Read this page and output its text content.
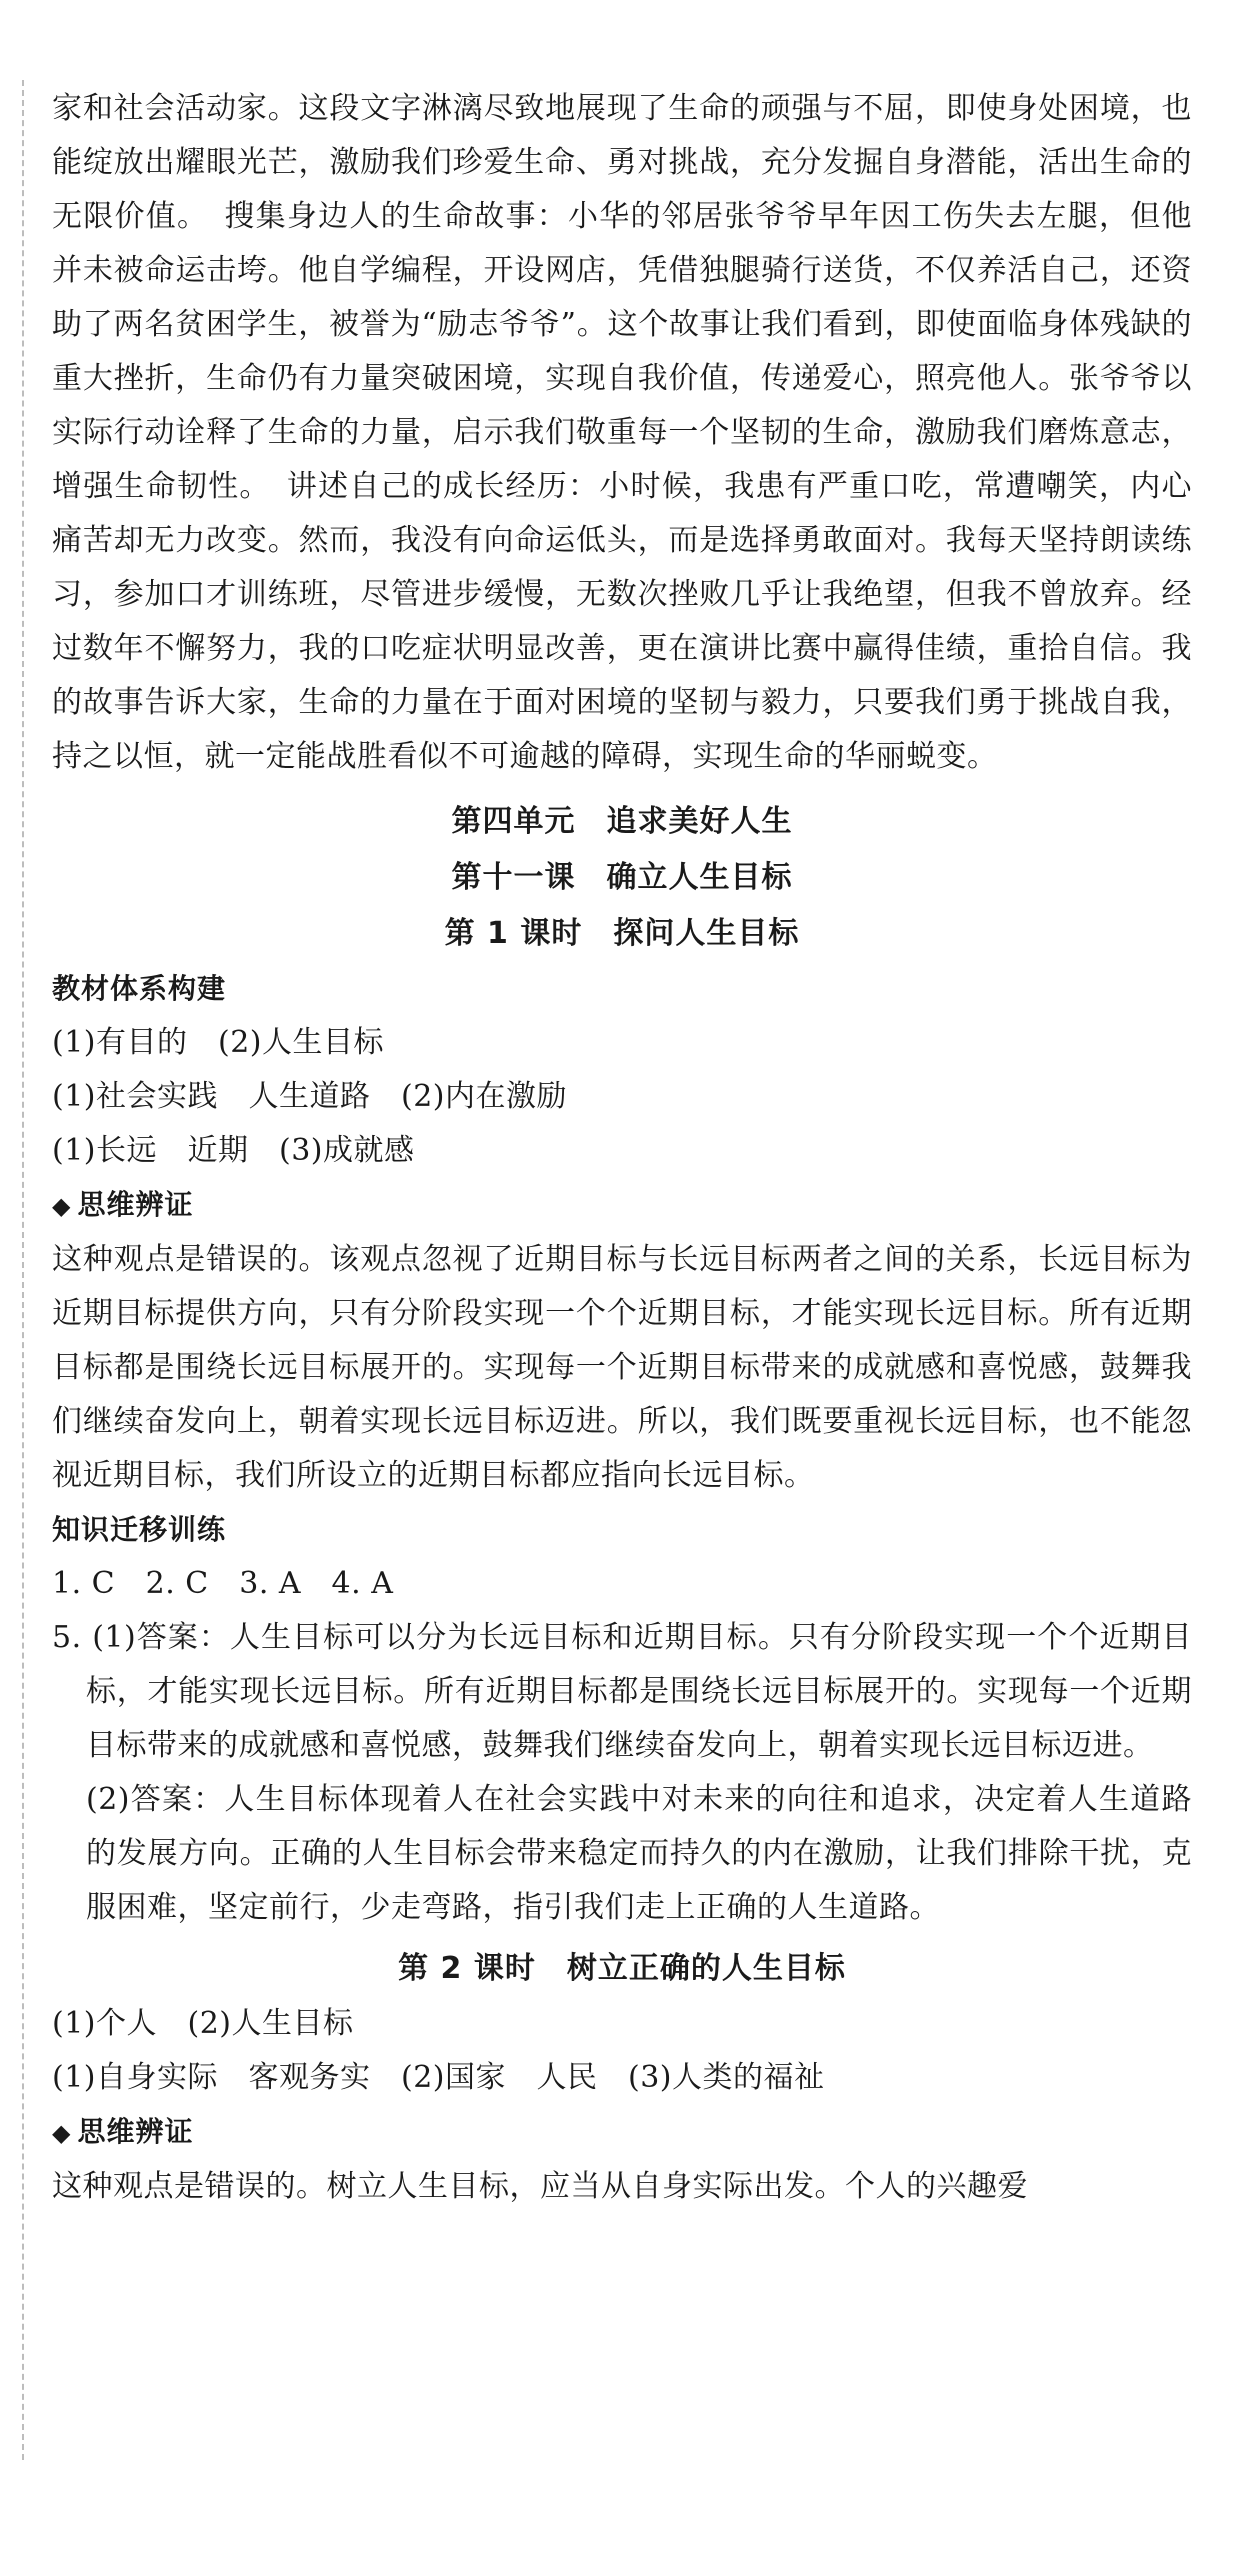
家和社会活动家。这段文字淋漓尽致地展现了生命的顽强与不屈，即使身处困境，也能绽放出耀眼光芒，激励我们珍爱生命、勇对挑战，充分发掘自身潜能，活出生命的无限价值。　搜集身边人的生命故事：小华的邻居张爷爷早年因工伤失去左腿，但他并未被命运击垮。他自学编程，开设网店，凭借独腿骑行送货，不仅养活自己，还资助了两名贫困学生，被誉为“励志爷爷”。这个故事让我们看到，即使面临身体残缺的重大挫折，生命仍有力量突破困境，实现自我价值，传递爱心，照亮他人。张爷爷以实际行动诠释了生命的力量，启示我们敬重每一个坚韧的生命，激励我们磨炼意志，增强生命韧性。　讲述自己的成长经历：小时候，我患有严重口吃，常遭嘲笑，内心痛苦却无力改变。然而，我没有向命运低头，而是选择勇敢面对。我每天坚持朗读练习，参加口才训练班，尽管进步缓慢，无数次挫败几乎让我绝望，但我不曾放弃。经过数年不懈努力，我的口吃症状明显改善，更在演讲比赛中赢得佳绩，重拾自信。我的故事告诉大家，生命的力量在于面对困境的坚韧与毅力，只要我们勇于挑战自我，持之以恒，就一定能战胜看似不可逾越的障碍，实现生命的华丽蜕变。

第四单元　追求美好人生

第十一课　确立人生目标

第 1 课时　探问人生目标

教材体系构建

(1)有目的　(2)人生目标

(1)社会实践　人生道路　(2)内在激励

(1)长远　近期　(3)成就感

◆ 思维辨证

这种观点是错误的。该观点忽视了近期目标与长远目标两者之间的关系，长远目标为近期目标提供方向，只有分阶段实现一个个近期目标，才能实现长远目标。所有近期目标都是围绕长远目标展开的。实现每一个近期目标带来的成就感和喜悦感，鼓舞我们继续奋发向上，朝着实现长远目标迈进。所以，我们既要重视长远目标，也不能忽视近期目标，我们所设立的近期目标都应指向长远目标。

知识迁移训练

1. C　2. C　3. A　4. A

5. (1)答案：人生目标可以分为长远目标和近期目标。只有分阶段实现一个个近期目标，才能实现长远目标。所有近期目标都是围绕长远目标展开的。实现每一个近期目标带来的成就感和喜悦感，鼓舞我们继续奋发向上，朝着实现长远目标迈进。

(2)答案：人生目标体现着人在社会实践中对未来的向往和追求，决定着人生道路的发展方向。正确的人生目标会带来稳定而持久的内在激励，让我们排除干扰，克服困难，坚定前行，少走弯路，指引我们走上正确的人生道路。

第 2 课时　树立正确的人生目标

(1)个人　(2)人生目标

(1)自身实际　客观务实　(2)国家　人民　(3)人类的福祉

◆ 思维辨证

这种观点是错误的。树立人生目标，应当从自身实际出发。个人的兴趣爱
